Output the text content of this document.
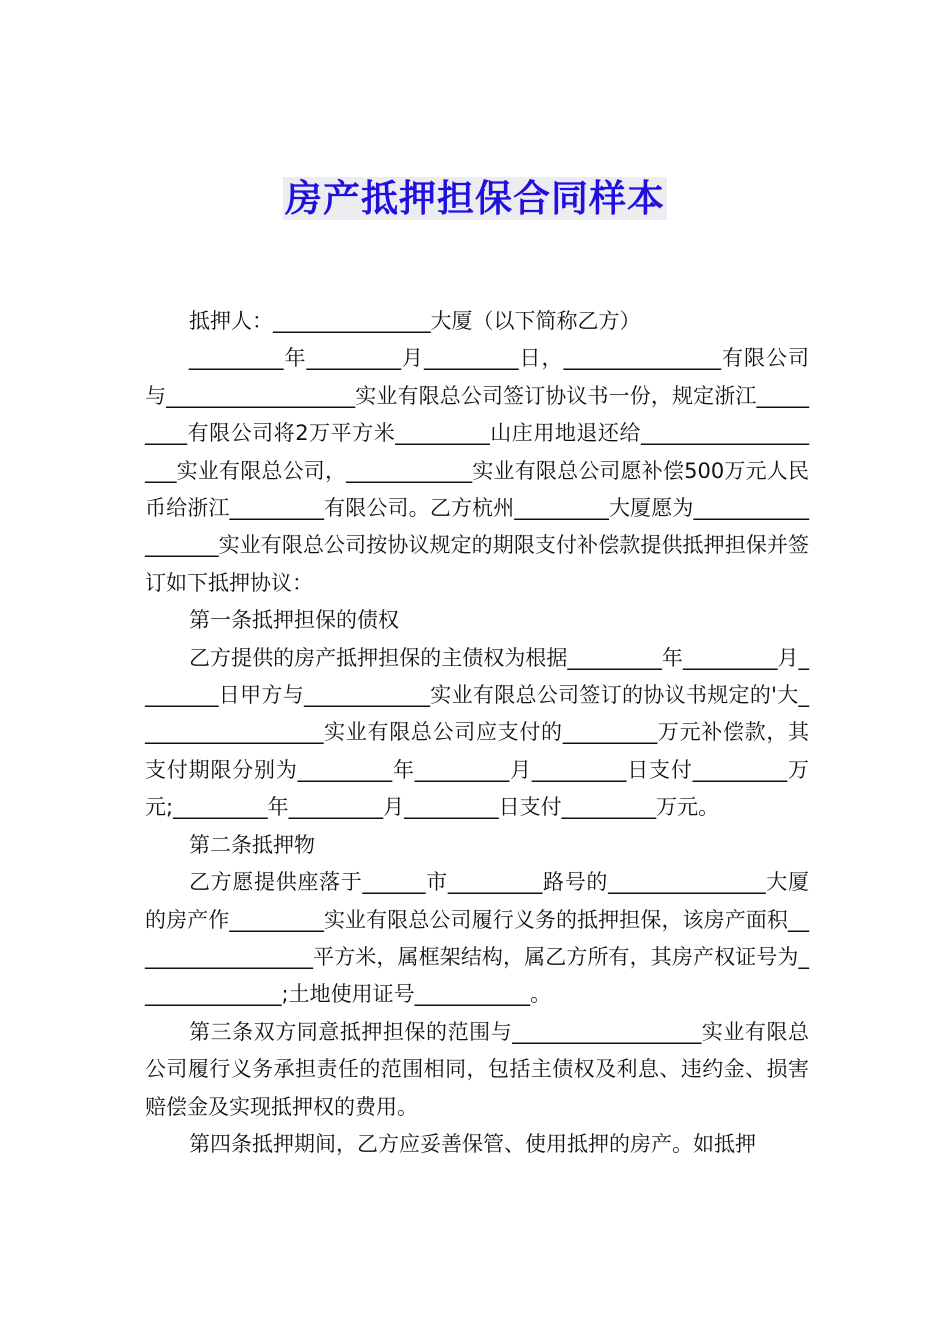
房产抵押担保合同样本

抵押人：_______________大厦（以下简称乙方）

_________年_________月_________日，_______________有限公司与__________________实业有限总公司签订协议书一份，规定浙江_________有限公司将2万平方米_________山庄用地退还给___________________实业有限总公司，____________实业有限总公司愿补偿500万元人民币给浙江_________有限公司。乙方杭州_________大厦愿为__________________实业有限总公司按协议规定的期限支付补偿款提供抵押担保并签订如下抵押协议：

第一条抵押担保的债权

乙方提供的房产抵押担保的主债权为根据_________年_________月________日甲方与____________实业有限总公司签订的协议书规定的'大__________________实业有限总公司应支付的_________万元补偿款，其支付期限分别为_________年_________月_________日支付_________万元;_________年_________月_________日支付_________万元。

第二条抵押物

乙方愿提供座落于______市_________路号的_______________大厦的房产作_________实业有限总公司履行义务的抵押担保，该房产面积__________________平方米，属框架结构，属乙方所有，其房产权证号为______________;土地使用证号___________。

第三条双方同意抵押担保的范围与__________________实业有限总公司履行义务承担责任的范围相同，包括主债权及利息、违约金、损害赔偿金及实现抵押权的费用。

第四条抵押期间，乙方应妥善保管、使用抵押的房产。如抵押
